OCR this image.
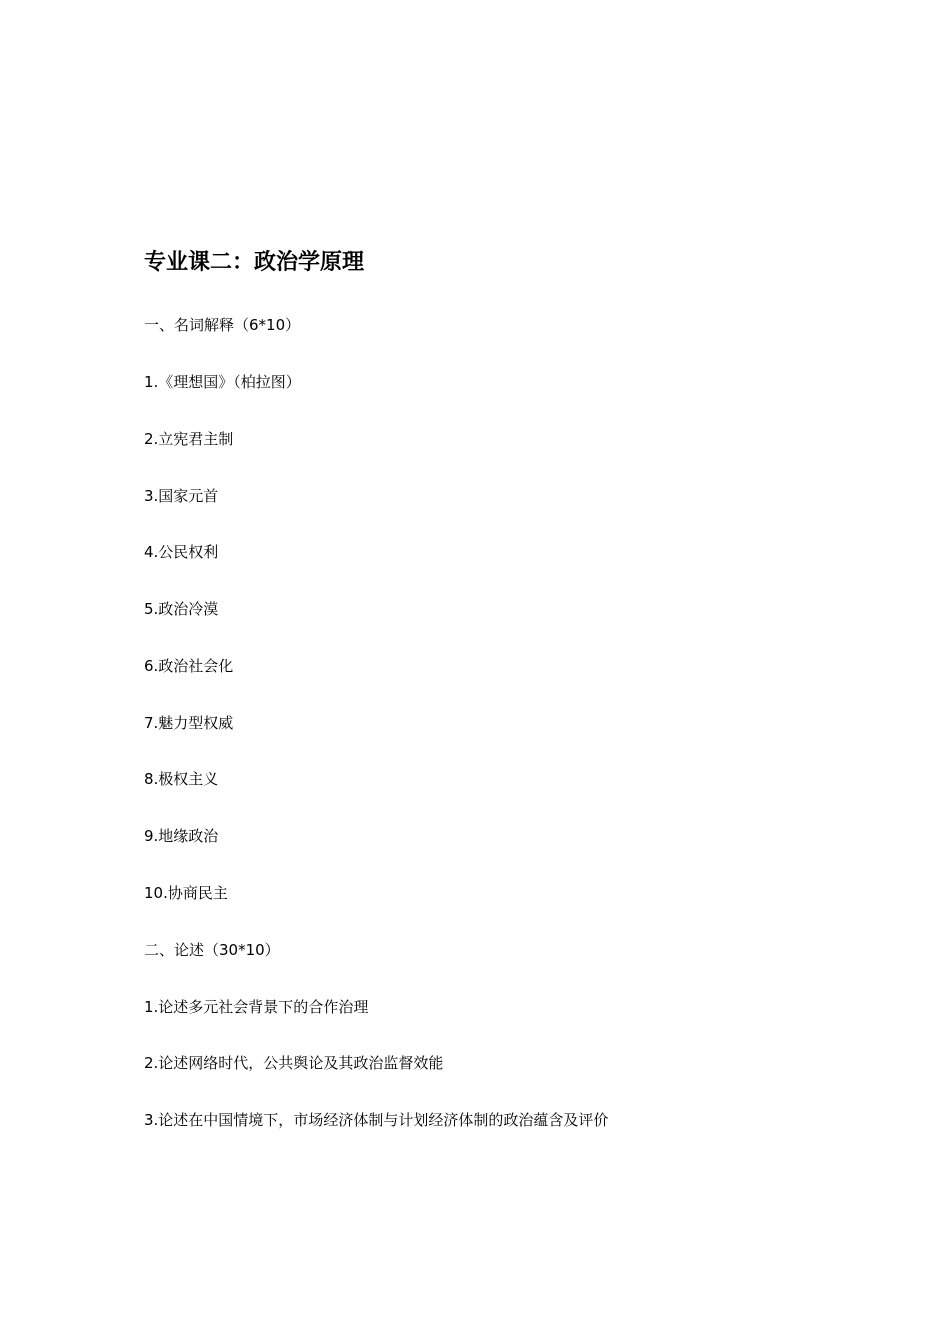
专业课二：政治学原理
一、名词解释（6*10）
1.《理想国》（柏拉图）
2.立宪君主制
3.国家元首
4.公民权利
5.政治冷漠
6.政治社会化
7.魅力型权威
8.极权主义
9.地缘政治
10.协商民主
二、论述（30*10）
1.论述多元社会背景下的合作治理
2.论述网络时代，公共舆论及其政治监督效能
3.论述在中国情境下，市场经济体制与计划经济体制的政治蕴含及评价
